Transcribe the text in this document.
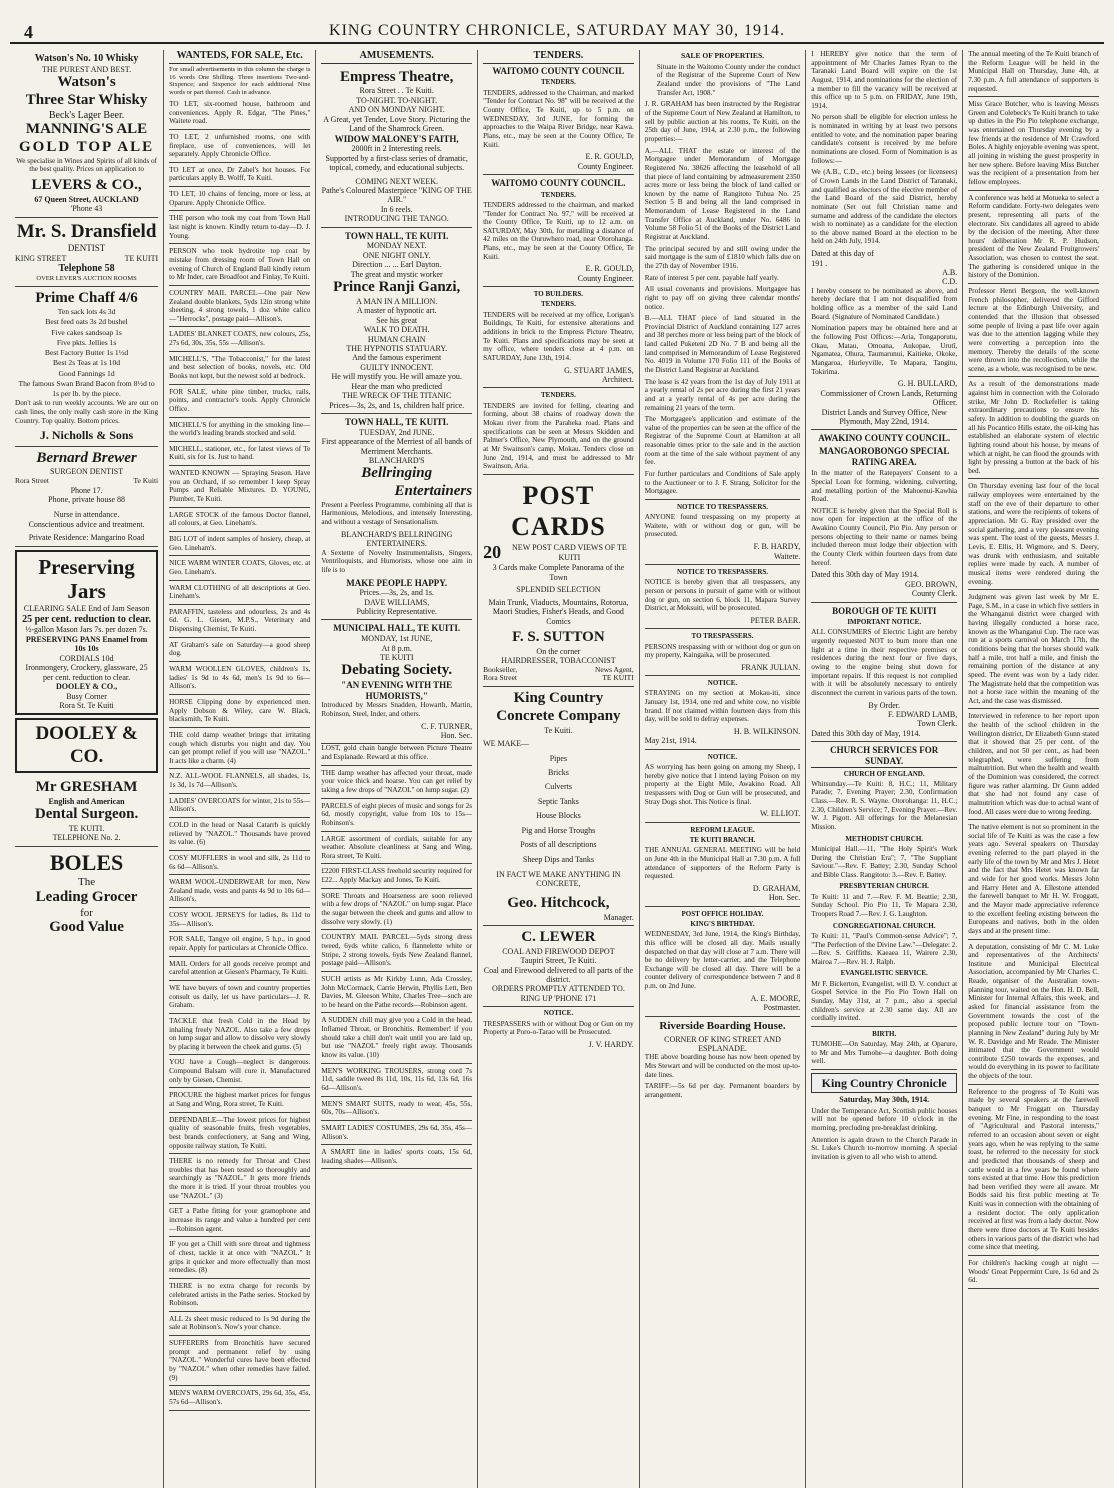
4	KING COUNTRY CHRONICLE, SATURDAY MAY 30, 1914.
Watson's No. 10 Whisky
THE PUREST AND BEST.
Watson's
Three Star Whisky
Beck's Lager Beer.
MANNING'S ALE
GOLD TOP ALE
We specialise in Wines and Spirits of all kinds of the best quality. Prices on application to
LEVERS & CO.,
67 Queen Street, AUCKLAND
'Phone 43
Mr. S. Dransfield
DENTIST
KING STREET	TE KUITI
Telephone 58
OVER LEVER'S AUCTION ROOMS
Prime Chaff 4/6
Ten sack lots 4s 3d
Best feed oats 3s 2d bushel
Five cakes sandsoap 1s
Five pkts. Jellies 1s
Best Factory Butter 1s 1½d
Best 2s Teas at 1s 10d
Good Fannings 1d
The famous Swan Brand Bacon from 8½d to 1s per lb. by the piece.
Don't ask to run weekly accounts. We are out on cash lines, the only really cash store in the King Country. Top quality. Bottom prices.
J. Nicholls & Sons
Bernard Brewer
SURGEON DENTIST
Rora Street	Te Kuiti
Phone 17.
Phone, private house 88
Nurse in attendance.
Conscientious advice and treatment.
Private Residence: Mangarino Road
Preserving Jars
CLEARING SALE End of Jam Season
25 per cent. reduction to clear.
½-gallon Mason Jars 7s. per dozen 7s.
PRESERVING PANS Enamel from 10s 10s
CORDIALS 10d
Ironmongery, Crockery, glassware, 25 per cent. reduction to clear.
DOOLEY & CO.,
Busy Corner
Rora St. Te Kuiti
DOOLEY & CO.
Mr GRESHAM
English and American
Dental Surgeon.
TE KUITI.
TELEPHONE No. 2.
BOLES
The
Leading Grocer
for
Good Value
WANTEDS, FOR SALE, Etc.
For small advertisements in this column the charge is 16 words One Shilling. Three insertions Two-and-Sixpence; and Sixpence for each additional Nine words or part thereof. Cash in advance.
TO LET, six-roomed house, bathroom and conveniences. Apply R. Edgar, "The Pines," Waitete road.
TO LET, 2 unfurnished rooms, one with fireplace, use of conveniences, will let separately. Apply Chronicle Office.
TO LET at once, Dr Zabel's hot houses. For particulars apply B. Wolff, Te Kuiti.
TO LET, 10 chains of fencing, more or less, at Oparure. Apply Chronicle Office.
THE person who took my coat from Town Hall last night is known. Kindly return to-day—D. J. Young.
PERSON who took hydrotite top coat by mistake from dressing room of Town Hall on evening of Church of England Ball kindly return to Mr Inder, care Broadfoot and Finlay, Te Kuiti.
COUNTRY MAIL PARCEL—One pair New Zealand double blankets, 5yds 12in strong white sheeting, 4 strong towels, 1 doz white calico—"Herrocks", postage paid—Allison's.
LADIES' BLANKET COATS, new colours, 25s, 27s 6d, 30s, 35s, 55s —Allison's.
MICHELL'S, "The Tobacconist," for the latest and best selection of books, novels, etc. Old Books not kept, but the newest sold at bedrock.
FOR SALE, white pine timber, trucks, rails, points, and contractor's tools. Apply Chronicle Office.
MICHELL'S for anything in the smoking line—the world's leading brands stocked and sold.
MICHELL, stationer, etc., for latest views of Te Kuiti, six for 1s. Just to hand.
WANTED KNOWN — Spraying Season. Have you an Orchard, if so remember I keep Spray Pumps and Reliable Mixtures. D. YOUNG, Plumber, Te Kuiti.
LARGE STOCK of the famous Doctor flannel, all colours, at Geo. Lineham's.
BIG LOT of indent samples of hosiery, cheap, at Geo. Lineham's.
NICE WARM WINTER COATS, Gloves, etc. at Geo. Lineham's.
WARM CLOTHING of all descriptions at Geo. Lineham's.
PARAFFIN, tasteless and odourless, 2s and 4s 6d. G. L. Giesen, M.P.S., Veterinary and Dispensing Chemist, Te Kuiti.
AT Graham's sale on Saturday—a good sheep dog.
WARM WOOLLEN GLOVES, children's 1s, ladies' 1s 9d to 4s 6d, men's 1s 9d to 6s—Allison's.
HORSE Clipping done by experienced men. Apply Dobson & Wiley, care W. Black, blacksmith, Te Kuiti.
THE cold damp weather brings that irritating cough which disturbs you night and day. You can get prompt relief if you will use "NAZOL." It acts like a charm. (4)
N.Z. ALL-WOOL FLANNELS, all shades, 1s, 1s 3d, 1s 7d—Allison's.
LADIES' OVERCOATS for winter, 21s to 55s—Allison's.
COLD in the head or Nasal Catarrh is quickly relieved by "NAZOL." Thousands have proved its value. (6)
COSY MUFFLERS in wool and silk, 2s 11d to 6s 6d—Allison's.
WARM WOOL-UNDERWEAR for men, New Zealand made, vests and pants 4s 9d to 10s 6d—Allison's.
COSY WOOL JERSEYS for ladies, 8s 11d to 35s—Allison's.
FOR SALE, Tangye oil engine, 5 h.p., in good repair. Apply for particulars at Chronicle Office.
MAIL Orders for all goods receive prompt and careful attention at Giesen's Pharmacy, Te Kuiti.
WE have buyers of town and country properties consult us daily, let us have particulars—J. R. Graham.
TACKLE that fresh Cold in the Head by inhaling freely NAZOL. Also take a few drops on lump sugar and allow to dissolve very slowly by placing it between the cheek and gums. (5)
YOU have a Cough—neglect is dangerous. Compound Balsam will cure it. Manufactured only by Giesen, Chemist.
PROCURE the highest market prices for fungus at Sang and Wing, Rora street, Te Kuiti.
DEPENDABLE—The lowest prices for highest quality of seasonable fruits, fresh vegetables, best brands confectionery, at Sang and Wing, opposite railway station, Te Kuiti.
THERE is no remedy for Throat and Chest troubles that has been tested so thoroughly and searchingly as "NAZOL." It gets more friends the more it is tried. If your throat troubles you use "NAZOL." (3)
GET a Pathe fitting for your gramophone and increase its range and value a hundred per cent—Robinson agent.
IF you get a Chill with sore throat and tightness of chest, tackle it at once with "NAZOL." It grips it quicker and more effectually than most remedies. (8)
THERE is no extra charge for records by celebrated artists in the Pathe series. Stocked by Robinson.
ALL 2s sheet music reduced to 1s 9d during the sale at Robinson's. Now's your chance.
SUFFERERS from Bronchitis have secured prompt and permanent relief by using "NAZOL." Wonderful cures have been effected by "NAZOL" when other remedies have failed. (9)
MEN'S WARM OVERCOATS, 29s 6d, 35s, 45s, 57s 6d—Allison's.
AMUSEMENTS.
Empress Theatre,
Rora Street . . Te Kuiti.
TO-NIGHT. TO-NIGHT.
AND ON MONDAY NIGHT.
A Great, yet Tender, Love Story. Picturing the Land of the Shamrock Green.
WIDOW MALONEY'S FAITH,
2000ft in 2 Interesting reels.
Supported by a first-class series of dramatic, topical, comedy, and educational subjects.
COMING NEXT WEEK.
Pathe's Coloured Masterpiece "KING OF THE AIR."
In 6 reels.
INTRODUCING THE TANGO.
TOWN HALL, TE KUITI.
MONDAY NEXT.
ONE NIGHT ONLY.
Direction ... ... Earl Dayton.
The great and mystic worker
Prince Ranji Ganzi,
A MAN IN A MILLION.
A master of hypnotic art.
See his great
WALK TO DEATH.
HUMAN CHAIN
THE HYPNOTIS STATUARY.
And the famous experiment
GUILTY INNOCENT.
He will mystify you. He will amaze you.
Hear the man who predicted
THE WRECK OF THE TITANIC
Prices—3s, 2s, and 1s, children half price.
TOWN HALL, TE KUITI.
TUESDAY, 2nd JUNE.
First appearance of the Merriest of all bands of Merriment Merchants.
BLANCHARD'S
Bellringing
Entertainers
Present a Peerless Programme, combining all that is Harmonious, Melodious, and intensely Interesting, and without a vestage of Sensationalism.
BLANCHARD'S BELLRINGING ENTERTAINERS.
A Sextette of Novelty Instrumentalists, Singers, Ventriloquists, and Humorists, whose one aim in life is to
MAKE PEOPLE HAPPY.
Prices.—3s, 2s, and 1s.
DAVE WILLIAMS,
Publicity Representative.
MUNICIPAL HALL, TE KUITI.
MONDAY, 1st JUNE,
At 8 p.m.
TE KUITI
Debating Society.
"AN EVENING WITH THE HUMORISTS,"
Introduced by Messrs Snadden, Howarth, Martin, Robinson, Steel, Inder, and others.
C. F. TURNER,
Hon. Sec.
LOST, gold chain bangle between Picture Theatre and Esplanade. Reward at this office.
THE damp weather has affected your throat, made your voice thick and hoarse. You can get relief by taking a few drops of "NAZOL" on lump sugar. (2)
PARCELS of eight pieces of music and songs for 2s 6d, mostly copyright, value from 10s to 15s—Robinson's.
LARGE assortment of cordials, suitable for any weather. Absolute cleanliness at Sang and Wing, Rora street, Te Kuiti.
£2200 FIRST-CLASS freehold security required for £22... Apply Mackay and Jones, Te Kuiti.
SORE Throats and Hoarseness are soon relieved with a few drops of "NAZOL" on lump sugar. Place the sugar between the cheek and gums and allow to dissolve very slowly. (1)
COUNTRY MAIL PARCEL—5yds strong dress tweed, 6yds white calico, 6 flannelette white or Stripe, 2 strong towels, 6yds New Zealand flannel, postage paid—Allison's.
SUCH artists as Mr Kirkby Lunn, Ada Crossley, John McCormack, Carrie Herwin, Phyllis Lett, Ben Davies, M. Gleeson White, Charles Tree—such are to be heard on the Pathe records—Robinson agent.
A SUDDEN chill may give you a Cold in the head, Inflamed Throat, or Bronchitis. Remember! if you should take a chill don't wait until you are laid up, but use "NAZOL" freely right away. Thousands know its value. (10)
MEN'S WORKING TROUSERS, strong cord 7s 11d, saddle tweed 8s 11d, 10s, 11s 6d, 13s 6d, 16s 6d—Allison's.
MEN'S SMART SUITS, ready to wear, 45s, 55s, 60s, 70s—Allison's.
SMART LADIES' COSTUMES, 29s 6d, 35s, 45s—Allison's.
A SMART line in ladies' sports coats, 15s 6d, leading shades—Allison's.
TENDERS.
WAITOMO COUNTY COUNCIL
TENDERS.
TENDERS, addressed to the Chairman, and marked "Tender for Contract No. 98" will be received at the County Office, Te Kuiti, up to 5 p.m. on WEDNESDAY, 3rd JUNE, for forming the approaches to the Waipa River Bridge, near Kawa. Plans, etc., may be seen at the County Office, Te Kuiti.
E. R. GOULD,
County Engineer.
WAITOMO COUNTY COUNCIL.
TENDERS.
TENDERS addressed to the chairman, and marked "Tender for Contract No. 97," will be received at the County Office, Te Kuiti, up to 12 a.m. on SATURDAY, May 30th, for metalling a distance of 42 miles on the Ouruwhero road, near Otorohanga. Plans, etc., may be seen at the County Office, Te Kuiti.
E. R. GOULD,
County Engineer.
TO BUILDERS.
TENDERS.
TENDERS will be received at my office, Lorigan's Buildings, Te Kuiti, for extensive alterations and additions in brick to the Empress Picture Theatre, Te Kuiti. Plans and specifications may be seen at my office, where tenders close at 4 p.m. on SATURDAY, June 13th, 1914.
G. STUART JAMES,
Architect.
TENDERS.
TENDERS are invited for felling, clearing and forming, about 38 chains of roadway down the Mokau river from the Paraheka road. Plans and specifications can be seen at Messrs Skidden and Palmer's Office, New Plymouth, and on the ground at Mr Swainson's camp, Mokau. Tenders close on June 2nd, 1914, and must be addressed to Mr Swainson, Aria.
POST CARDS
20	NEW POST CARD VIEWS OF TE KUITI
3 Cards make Complete Panorama of the Town
SPLENDID SELECTION
Main Trunk, Viaducts, Mountains, Rotorua, Maori Studies, Fisher's Heads, and Good Comics
F. S. SUTTON
On the corner
HAIRDRESSER, TOBACCONIST
Bookseller,	News Agent,
Rora Street	TE KUITI
King Country
Concrete Company
Te Kuiti.
WE MAKE—
Pipes
Bricks
Culverts
Septic Tanks
House Blocks
Pig and Horse Troughs
Posts of all descriptions
Sheep Dips and Tanks
IN FACT WE MAKE ANYTHING IN CONCRETE,
Geo. Hitchcock,
Manager.
C. LEWER
COAL AND FIREWOOD DEPOT
Taupiri Street, Te Kuiti.
Coal and Firewood delivered to all parts of the district.
ORDERS PROMPTLY ATTENDED TO.
RING UP 'PHONE 171
NOTICE.
TRESPASSERS with or without Dog or Gun on my Property at Poro-o-Tarao will be Prosecuted.
J. V. HARDY.
SALE OF PROPERTIES.
Situate in the Waitomo County under the conduct of the Registrar of the Supreme Court of New Zealand under the provisions of "The Land Transfer Act, 1908."
J. R. GRAHAM has been instructed by the Registrar of the Supreme Court of New Zealand at Hamilton, to sell by public auction at his rooms, Te Kuiti, on the 25th day of June, 1914, at 2.30 p.m., the following properties:—
A.—ALL THAT the estate or interest of the Mortgagee under Memorandum of Mortgage Registered No. 38626 affecting the leasehold of all that piece of land containing by admeasurement 2350 acres more or less being the block of land called or known by the name of Rangitoto Tuhua No. 25 Section 5 B and being all the land comprised in Memorandum of Lease Registered in the Land Transfer Office at Auckland, under No. 6486 in Volume 58 Folio 51 of the Books of the District Land Registrar at Auckland.
The principal secured by and still owing under the said mortgage is the sum of £1810 which falls due on the 27th day of November 1916.
Rate of interest 5 per cent. payable half yearly.
All usual covenants and provisions. Mortgagee has right to pay off on giving three calendar months' notice.
B.—ALL THAT piece of land situated in the Provincial District of Auckland containing 127 acres and 38 perches more or less being part of the block of land called Puketeni 2D No. 7 B and being all the land comprised in Memorandum of Lease Registered No. 4019 in Volume 170 Folio 111 of the Books of the District Land Registrar at Auckland.
The lease is 42 years from the 1st day of July 1911 at a yearly rental of 2s per acre during the first 21 years and at a yearly rental of 4s per acre during the remaining 21 years of the term.
The Mortgagee's application and estimate of the value of the properties can be seen at the office of the Registrar of the Supreme Court at Hamilton at all reasonable times prior to the sale and in the auction room at the time of the sale without payment of any fee.
For further particulars and Conditions of Sale apply to the Auctioneer or to J. F. Strang, Solicitor for the Mortgagee.
NOTICE TO TRESPASSERS.
ANYONE found trespassing on my property at Waitete, with or without dog or gun, will be prosecuted.
F. B. HARDY,
Waitete.
NOTICE TO TRESPASSERS.
NOTICE is hereby given that all trespassers, any person or persons in pursuit of game with or without dog or gun, on section 6, block 11, Mapara Survey District, at Moksuiti, will be prosecuted.
PETER BAER.
TO TRESPASSERS.
PERSONS trespassing with or without dog or gun on my property, Kaingaika, will be prosecuted.
FRANK JULIAN.
NOTICE.
STRAYING on my section at Mokau-iti, since January 1st, 1914, one red and white cow, no visible brand. If not claimed within fourteen days from this day, will be sold to defray expenses.
H. B. WILKINSON.
May 21st, 1914.
NOTICE.
AS worrying has been going on among my Sheep, I hereby give notice that I intend laying Poison on my property at the Eight Mile, Awakino Road. All trespassers with Dog or Gun will be prosecuted, and Stray Dogs shot. This Notice is final.
W. ELLIOT.
REFORM LEAGUE.
TE KUITI BRANCH.
THE ANNUAL GENERAL MEETING will be held on June 4th in the Municipal Hall at 7.30 p.m. A full attendance of supporters of the Reform Party is requested.
D. GRAHAM,
Hon. Sec.
POST OFFICE HOLIDAY.
KING'S BIRTHDAY.
WEDNESDAY, 3rd June, 1914, the King's Birthday, this office will be closed all day. Mails usually despatched on that day will close at 7 a.m. There will be no delivery by letter-carrier, and the Telephone Exchange will be closed all day. There will be a counter delivery of correspondence between 7 and 8 p.m. on 2nd June.
A. E. MOORE,
Postmaster.
Riverside Boarding House.
CORNER OF KING STREET AND ESPLANADE.
THE above boarding house has now been opened by Mrs Stewart and will be conducted on the most up-to-date lines.
TARIFF:—5s 6d per day. Permanent boarders by arrangement.
I HEREBY give notice that the term of appointment of Mr Charles James Ryan to the Taranaki Land Board will expire on the 1st August, 1914, and nominations for the election of a member to fill the vacancy will be received at this office up to 5 p.m. on FRIDAY, June 19th, 1914.
No person shall be eligible for election unless he is nominated in writing by at least two persons entitled to vote, and the nomination paper bearing candidate's consent is received by me before nominations are closed. Form of Nomination is as follows:—
We (A.B., C.D., etc.) being lessees (or licensees) of Crown Lands in the Land District of Taranaki, and qualified as electors of the elective member of the Land Board of the said District, hereby nominate (Set out full Christian name and surname and address of the candidate the electors wish to nominate) as a candidate for the election to the above named Board at the election to be held on 24th July, 1914.
Dated at this day of
191 .
A.B.
C.D.
I hereby consent to be nominated as above, and hereby declare that I am not disqualified from holding office as a member of the said Land Board. (Signature of Nominated Candidate.)
Nomination papers may be obtained here and at the following Post Offices:—Aria, Tongaporutu, Okau, Matau, Omoana, Aukopae, Urutī, Ngamatea, Ohura, Taumarunui, Kaitieke, Okoke, Mangaroa, Hurleyville, Te Mapara, Tangitu, Tokirima.
G. H. BULLARD,
Commissioner of Crown Lands, Returning Officer.
District Lands and Survey Office, New Plymouth, May 22nd, 1914.
AWAKINO COUNTY COUNCIL.
MANGAOROBONGO SPECIAL RATING AREA.
In the matter of the Ratepayers' Consent to a Special Loan for forming, widening, culverting, and metalling portion of the Mahoenui-Kawhia Road.
NOTICE is hereby given that the Special Roll is now open for inspection at the office of the Awakino County Council, Pio Pio. Any person or persons objecting to their name or names being included thereon must lodge their objection with the County Clerk within fourteen days from date hereof.
Dated this 30th day of May 1914.
GEO. BROWN,
County Clerk.
BOROUGH OF TE KUITI
IMPORTANT NOTICE.
ALL CONSUMERS of Electric Light are hereby urgently requested NOT to burn more than one light at a time in their respective premises or residences during the next four or five days, owing to the engine being shut down for important repairs. If this request is not complied with it will be absolutely necessary to entirely disconnect the current in various parts of the town.
By Order.
F. EDWARD LAMB,
Town Clerk.
Dated this 30th day of May, 1914.
CHURCH SERVICES FOR SUNDAY.
CHURCH OF ENGLAND.
Whitsunday.—Te Kuiti: 8, H.C.; 11, Military Parade; 7, Evening Prayer; 2.30, Confirmation Class.—Rev. R. S. Wayne. Otorohanga: 11, H.C.; 2.30, Children's Service; 7, Evening Prayer.—Rev. W. J. Pigott. All offerings for the Melanesian Mission.
METHODIST CHURCH.
Municipal Hall.—11, "The Holy Spirit's Work During the Christian Era"; 7, "The Suppliant Saviour."—Rev. F. Battey; 2.30, Sunday School and Bible Class. Rangitoto: 3.—Rev. F. Battey.
PRESBYTERIAN CHURCH.
Te Kuiti: 11 and 7.—Rev. F. M. Beattie; 2.30, Sunday School. Pio Pio 11, Te Mapara 2.30, Troopers Road 7.—Rev. J. G. Laughton.
CONGREGATIONAL CHURCH.
Te Kuiti: 11, "Paul's Common-sense Advice"; 7, "The Perfection of the Divine Law."—Delegate: 2.—Rev. S. Griffiths. Kaeaea 11, Wairere 2.30, Mairoa 7.—Rev. H. J. Ralph.
EVANGELISTIC SERVICE.
Mr F. Bickerton, Evangelist, will D. V. conduct at Gospel Service in the Pio Pio Town Hall on Sunday, May 31st, at 7 p.m., also a special children's service at 2.30 same day. All are cordially invited.
BIRTH.
TUMOHE—On Saturday, May 24th, at Oparure, to Mr and Mrs Tumohe—a daughter. Both doing well.
King Country Chronicle
Saturday, May 30th, 1914.
Under the Temperance Act, Scottish public houses will not be opened before 10 o'clock in the morning, precluding pre-breakfast drinking.
Attention is again drawn to the Church Parade in St. Luke's Church to-morrow morning. A special invitation is given to all who wish to attend.
The annual meeting of the Te Kuiti branch of the Reform League will be held in the Municipal Hall on Thursday, June 4th, at 7.30 p.m. A full attendance of supporters is requested.
Miss Grace Butcher, who is leaving Messrs Green and Colebeck's Te Kuiti branch to take up duties in the Pio Pio telephone exchange, was entertained on Thursday evening by a few friends at the residence of Mr Crawford Boles. A highly enjoyable evening was spent, all joining in wishing the guest prosperity in her new sphere. Before leaving Miss Butcher was the recipient of a presentation from her fellow employees.
A conference was held at Motueka to select a Reform candidate. Forty-two delegates were present, representing all parts of the electorate. Six candidates all agreed to abide by the decision of the meeting. After three hours' deliberation Mr R. P. Hudson, president of the New Zealand Fruitgrowers' Association, was chosen to contest the seat. The gathering is considered unique in the history of the Dominion.
Professor Henri Bergson, the well-known French philosopher, delivered the Gifford lecture at the Edinburgh University, and contended that the illusion that obsessed some people of living a past life over again was due to the attention lagging while they were converting a perception into the memory. Thereby the details of the scene were thrown into the recollection, while the scene, as a whole, was recognised to be new.
As a result of the demonstrations made against him in connection with the Colorado strike, Mr John D. Rockefeller is taking extraordinary precautions to ensure his safety. In addition to doubling the guards on all his Pocantico Hills estate, the oil-king has established an elaborate system of electric lighting round about his house, by means of which at night, he can flood the grounds with light by pressing a button at the back of his bed.
On Thursday evening last four of the local railway employees were entertained by the staff on the eve of their departure to other stations, and were the recipients of tokens of appreciation. Mr G. Ray presided over the social gathering, and a very pleasant evening was spent. The toast of the guests, Messrs J. Levis, E. Ellis, H. Wigmore, and S. Deery, was drunk with enthusiasm, and suitable replies were made by each. A number of musical items were rendered during the evening.
Judgment was given last week by Mr E. Page, S.M., in a case in which five settlers in the Whanganui district were charged with having illegally conducted a horse race, known as the Whanganui Cup. The race was run at a sports carnival on March 17th, the conditions being that the horses should walk half a mile, trot half a mile, and finish the remaining portion of the distance at any speed. The event was won by a lady rider. The Magistrate held that the competition was not a horse race within the meaning of the Act, and the case was dismissed.
Interviewed in reference to her report upon the health of the school children in the Wellington district, Dr Elizabeth Gunn stated that it showed that 25 per cent. of the children, and not 50 per cent., as had been telegraphed, were suffering from malnutrition. But when the health and wealth of the Dominion was considered, the correct figure was rather alarming. Dr Gunn added that she had not found any case of malnutrition which was due to actual want of food. All cases were due to wrong feeding.
The native element is not so prominent in the social life of Te Kuiti as was the case a few years ago. Several speakers on Thursday evening referred to the part played in the early life of the town by Mr and Mrs J. Hetet and the fact that Mrs Hetet was known far and wide for her good works. Messrs John and Harry Hetet and A. Ellestone attended the farewell banquet to Mr H. W. Froggatt, and the Mayor made appreciative reference to the excellent feeling existing between the Europeans and natives, both in the olden days and at the present time.
A deputation, consisting of Mr C. M. Luke and representatives of the Architects' Institute and Municipal Electrical Association, accompanied by Mr Charles C. Reade, organiser of the Australian town-planning tour, waited on the Hon. H. D. Bell, Minister for Internal Affairs, this week, and asked for financial assistance from the Government towards the cost of the proposed public lecture tour on "Town-planning in New Zealand" during July by Mr W. R. Davidge and Mr Reade. The Minister intimated that the Government would contribute £250 towards the expenses, and would do everything in its power to facilitate the objects of the tour.
Reference to the progress of Te Kuiti was made by several speakers at the farewell banquet to Mr Froggatt on Thursday evening. Mr Fine, in responding to the toast of "Agricultural and Pastoral interests," referred to an occasion about seven or eight years ago, when he was replying to the same toast, he referred to the necessity for stock and predicted that thousands of sheep and cattle would in a few years be found where tons existed at that time. How this prediction had been verified they were all aware. Mr Bodds said his first public meeting at Te Kuiti was in connection with the obtaining of a resident doctor. The only application received at first was from a lady doctor. Now there were three doctors at Te Kuiti besides others in various parts of the district who had come since that meeting.
For children's hacking cough at night — Woods' Great Peppermint Cure, 1s 6d and 2s 6d.
